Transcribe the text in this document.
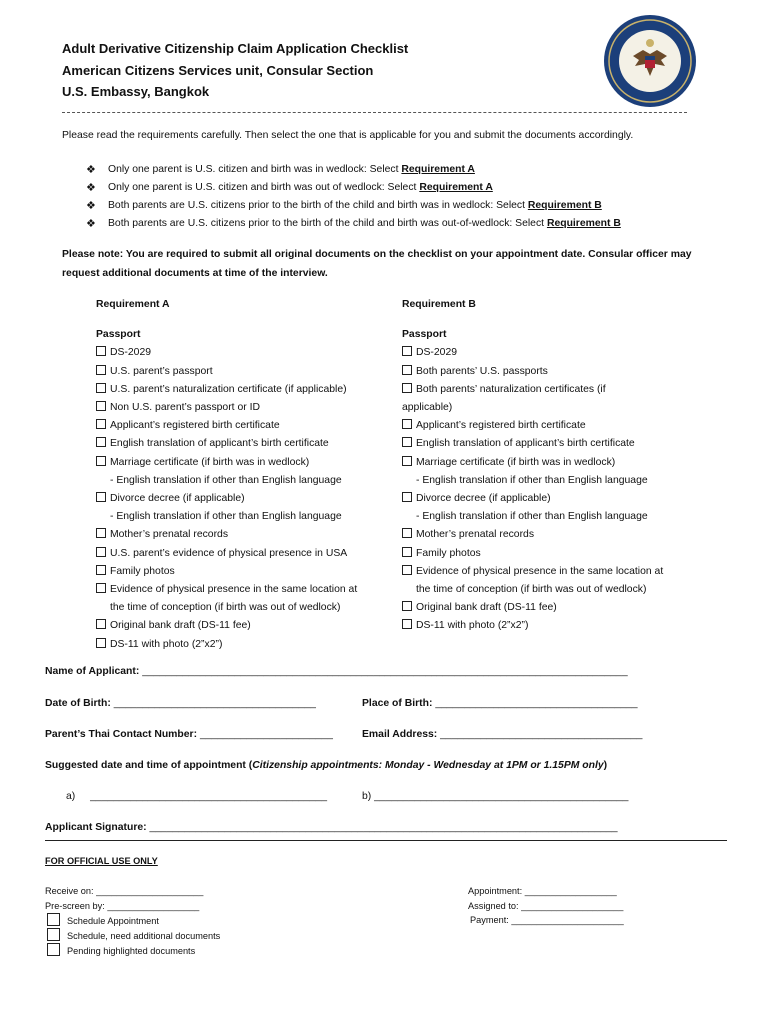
Adult Derivative Citizenship Claim Application Checklist
American Citizens Services unit, Consular Section
U.S. Embassy, Bangkok
Please read the requirements carefully. Then select the one that is applicable for you and submit the documents accordingly.
❖ Only one parent is U.S. citizen and birth was in wedlock: Select Requirement A
❖ Only one parent is U.S. citizen and birth was out of wedlock: Select Requirement A
❖ Both parents are U.S. citizens prior to the birth of the child and birth was in wedlock: Select Requirement B
❖ Both parents are U.S. citizens prior to the birth of the child and birth was out-of-wedlock: Select Requirement B
Please note: You are required to submit all original documents on the checklist on your appointment date. Consular officer may request additional documents at time of the interview.
Requirement A
Passport
DS-2029
U.S. parent’s passport
U.S. parent’s naturalization certificate (if applicable)
Non U.S. parent’s passport or ID
Applicant’s registered birth certificate
English translation of applicant’s birth certificate
Marriage certificate (if birth was in wedlock)
- English translation if other than English language
Divorce decree (if applicable)
- English translation if other than English language
Mother’s prenatal records
U.S. parent’s evidence of physical presence in USA
Family photos
Evidence of physical presence in the same location at
the time of conception (if birth was out of wedlock)
Original bank draft (DS-11 fee)
DS-11 with photo (2”x2”)
Requirement B
Passport
DS-2029
Both parents’ U.S. passports
Both parents’ naturalization certificates (if
applicable)
Applicant’s registered birth certificate
English translation of applicant’s birth certificate
Marriage certificate (if birth was in wedlock)
- English translation if other than English language
Divorce decree (if applicable)
- English translation if other than English language
Mother’s prenatal records
Family photos
Evidence of physical presence in the same location at
the time of conception (if birth was out of wedlock)
Original bank draft (DS-11 fee)
DS-11 with photo (2”x2”)
Name of Applicant: ____________________________________________________________________________________
Date of Birth: ___________________________________	Place of Birth: ___________________________________
Parent’s Thai Contact Number: _______________________	Email Address: ___________________________________
Suggested date and time of appointment (Citizenship appointments: Monday - Wednesday at 1PM or 1.15PM only)
a) _________________________________________	b) ____________________________________________
Applicant Signature: _________________________________________________________________________________
FOR OFFICIAL USE ONLY
Receive on: _____________________
Pre-screen by: __________________
Schedule Appointment
Schedule, need additional documents
Pending highlighted documents
Appointment: __________________
Assigned to: ____________________
Payment: ______________________
